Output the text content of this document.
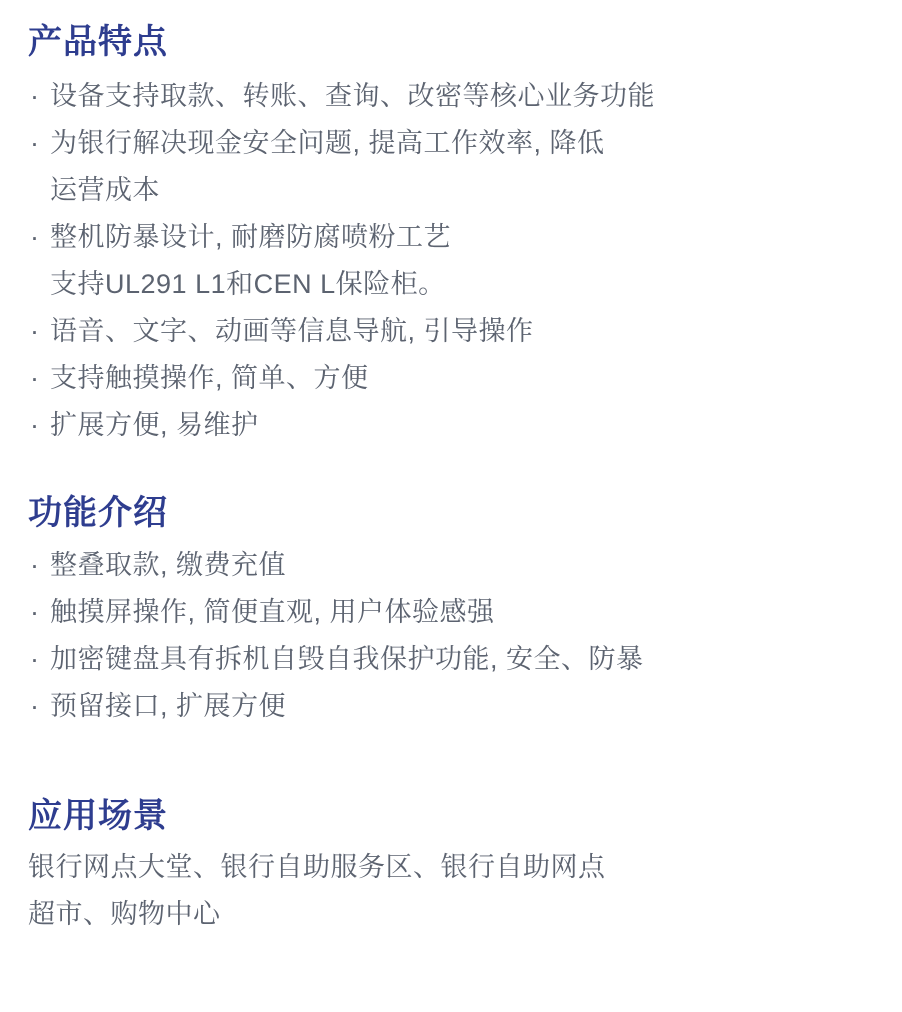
产品特点
· 设备支持取款、转账、查询、改密等核心业务功能
· 为银行解决现金安全问题, 提高工作效率, 降低
运营成本
· 整机防暴设计, 耐磨防腐喷粉工艺
支持UL291 L1和CEN L保险柜。
· 语音、文字、动画等信息导航, 引导操作
· 支持触摸操作, 简单、方便
· 扩展方便, 易维护
功能介绍
· 整叠取款, 缴费充值
· 触摸屏操作, 简便直观, 用户体验感强
· 加密键盘具有拆机自毁自我保护功能, 安全、防暴
· 预留接口, 扩展方便
应用场景
银行网点大堂、银行自助服务区、银行自助网点
超市、购物中心
